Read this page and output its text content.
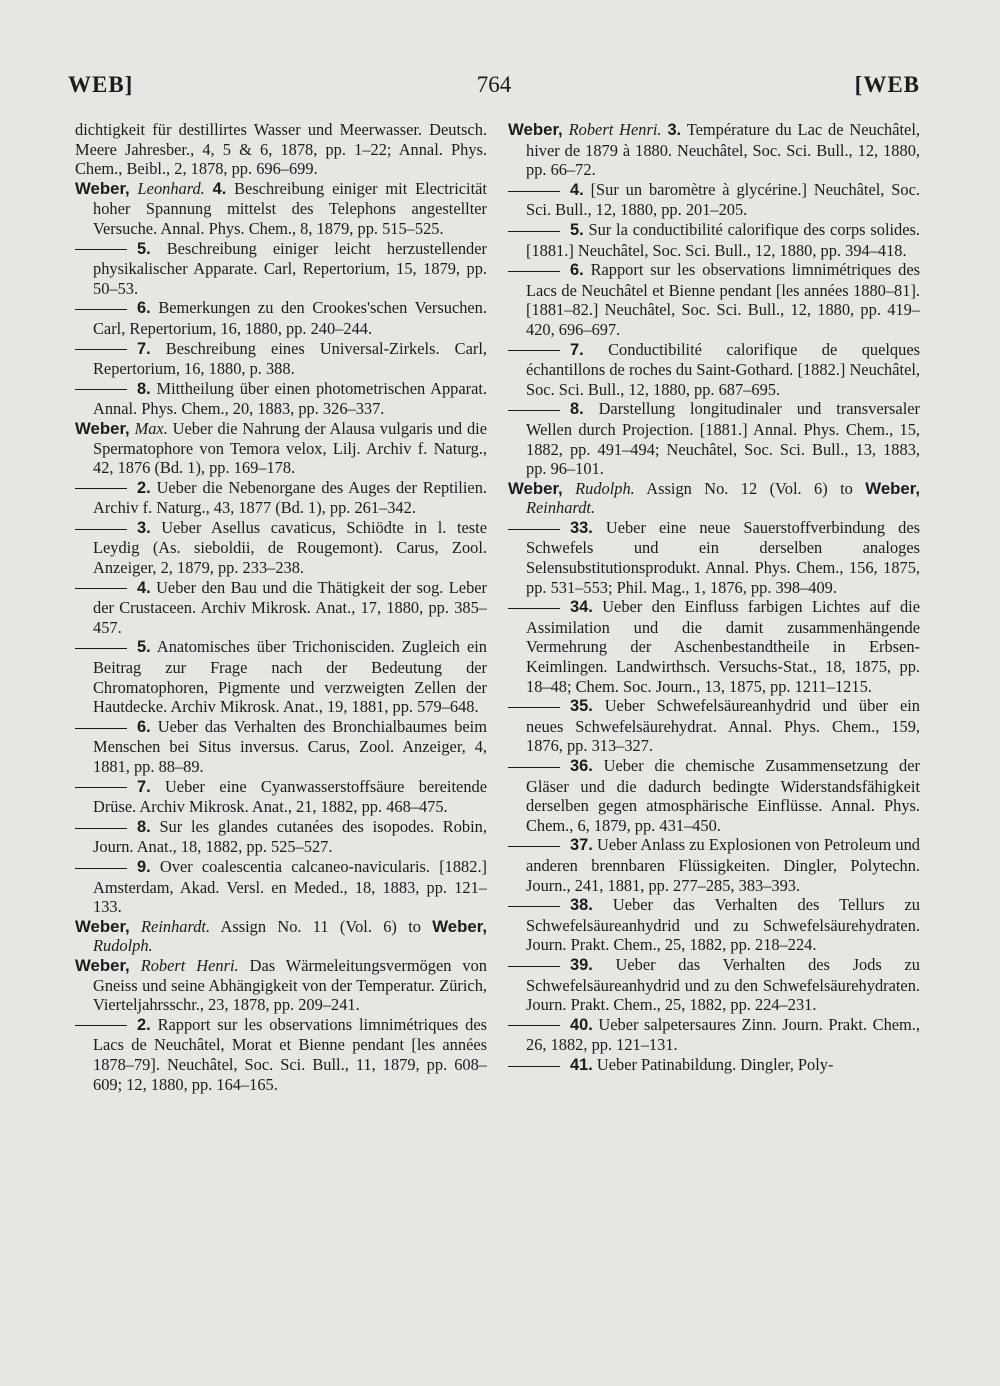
WEB]	764	[WEB

dichtigkeit für destillirtes Wasser und Meerwasser. Deutsch. Meere Jahresber., 4, 5 & 6, 1878, pp. 1–22; Annal. Phys. Chem., Beibl., 2, 1878, pp. 696–699.

Weber, Leonhard. 4. Beschreibung einiger mit Electricität hoher Spannung mittelst des Telephons angestellter Versuche. Annal. Phys. Chem., 8, 1879, pp. 515–525.

5. Beschreibung einiger leicht herzustellender physikalischer Apparate. Carl, Repertorium, 15, 1879, pp. 50–53.

6. Bemerkungen zu den Crookes'schen Versuchen. Carl, Repertorium, 16, 1880, pp. 240–244.

7. Beschreibung eines Universal-Zirkels. Carl, Repertorium, 16, 1880, p. 388.

8. Mittheilung über einen photometrischen Apparat. Annal. Phys. Chem., 20, 1883, pp. 326–337.

Weber, Max. Ueber die Nahrung der Alausa vulgaris und die Spermatophore von Temora velox, Lilj. Archiv f. Naturg., 42, 1876 (Bd. 1), pp. 169–178.

2. Ueber die Nebenorgane des Auges der Reptilien. Archiv f. Naturg., 43, 1877 (Bd. 1), pp. 261–342.

3. Ueber Asellus cavaticus, Schiödte in l. teste Leydig (As. sieboldii, de Rougemont). Carus, Zool. Anzeiger, 2, 1879, pp. 233–238.

4. Ueber den Bau und die Thätigkeit der sog. Leber der Crustaceen. Archiv Mikrosk. Anat., 17, 1880, pp. 385–457.

5. Anatomisches über Trichonisciden. Zugleich ein Beitrag zur Frage nach der Bedeutung der Chromatophoren, Pigmente und verzweigten Zellen der Hautdecke. Archiv Mikrosk. Anat., 19, 1881, pp. 579–648.

6. Ueber das Verhalten des Bronchialbaumes beim Menschen bei Situs inversus. Carus, Zool. Anzeiger, 4, 1881, pp. 88–89.

7. Ueber eine Cyanwasserstoffsäure bereitende Drüse. Archiv Mikrosk. Anat., 21, 1882, pp. 468–475.

8. Sur les glandes cutanées des isopodes. Robin, Journ. Anat., 18, 1882, pp. 525–527.

9. Over coalescentia calcaneo-navicularis. [1882.] Amsterdam, Akad. Versl. en Meded., 18, 1883, pp. 121–133.

Weber, Reinhardt. Assign No. 11 (Vol. 6) to Weber, Rudolph.

Weber, Robert Henri. Das Wärmeleitungsvermögen von Gneiss und seine Abhängigkeit von der Temperatur. Zürich, Vierteljahrsschr., 23, 1878, pp. 209–241.

2. Rapport sur les observations limnimétriques des Lacs de Neuchâtel, Morat et Bienne pendant [les années 1878–79]. Neuchâtel, Soc. Sci. Bull., 11, 1879, pp. 608–609; 12, 1880, pp. 164–165.

Weber, Robert Henri. 3. Température du Lac de Neuchâtel, hiver de 1879 à 1880. Neuchâtel, Soc. Sci. Bull., 12, 1880, pp. 66–72.

4. [Sur un baromètre à glycérine.] Neuchâtel, Soc. Sci. Bull., 12, 1880, pp. 201–205.

5. Sur la conductibilité calorifique des corps solides. [1881.] Neuchâtel, Soc. Sci. Bull., 12, 1880, pp. 394–418.

6. Rapport sur les observations limnimétriques des Lacs de Neuchâtel et Bienne pendant [les années 1880–81]. [1881–82.] Neuchâtel, Soc. Sci. Bull., 12, 1880, pp. 419–420, 696–697.

7. Conductibilité calorifique de quelques échantillons de roches du Saint-Gothard. [1882.] Neuchâtel, Soc. Sci. Bull., 12, 1880, pp. 687–695.

8. Darstellung longitudinaler und transversaler Wellen durch Projection. [1881.] Annal. Phys. Chem., 15, 1882, pp. 491–494; Neuchâtel, Soc. Sci. Bull., 13, 1883, pp. 96–101.

Weber, Rudolph. Assign No. 12 (Vol. 6) to Weber, Reinhardt.

33. Ueber eine neue Sauerstoffverbindung des Schwefels und ein derselben analoges Selensubstitutionsprodukt. Annal. Phys. Chem., 156, 1875, pp. 531–553; Phil. Mag., 1, 1876, pp. 398–409.

34. Ueber den Einfluss farbigen Lichtes auf die Assimilation und die damit zusammenhängende Vermehrung der Aschenbestandtheile in Erbsen-Keimlingen. Landwirthsch. Versuchs-Stat., 18, 1875, pp. 18–48; Chem. Soc. Journ., 13, 1875, pp. 1211–1215.

35. Ueber Schwefelsäureanhydrid und über ein neues Schwefelsäurehydrat. Annal. Phys. Chem., 159, 1876, pp. 313–327.

36. Ueber die chemische Zusammensetzung der Gläser und die dadurch bedingte Widerstandsfähigkeit derselben gegen atmosphärische Einflüsse. Annal. Phys. Chem., 6, 1879, pp. 431–450.

37. Ueber Anlass zu Explosionen von Petroleum und anderen brennbaren Flüssigkeiten. Dingler, Polytechn. Journ., 241, 1881, pp. 277–285, 383–393.

38. Ueber das Verhalten des Tellurs zu Schwefelsäureanhydrid und zu Schwefelsäurehydraten. Journ. Prakt. Chem., 25, 1882, pp. 218–224.

39. Ueber das Verhalten des Jods zu Schwefelsäureanhydrid und zu den Schwefelsäurehydraten. Journ. Prakt. Chem., 25, 1882, pp. 224–231.

40. Ueber salpetersaures Zinn. Journ. Prakt. Chem., 26, 1882, pp. 121–131.

41. Ueber Patinabildung. Dingler, Poly-
